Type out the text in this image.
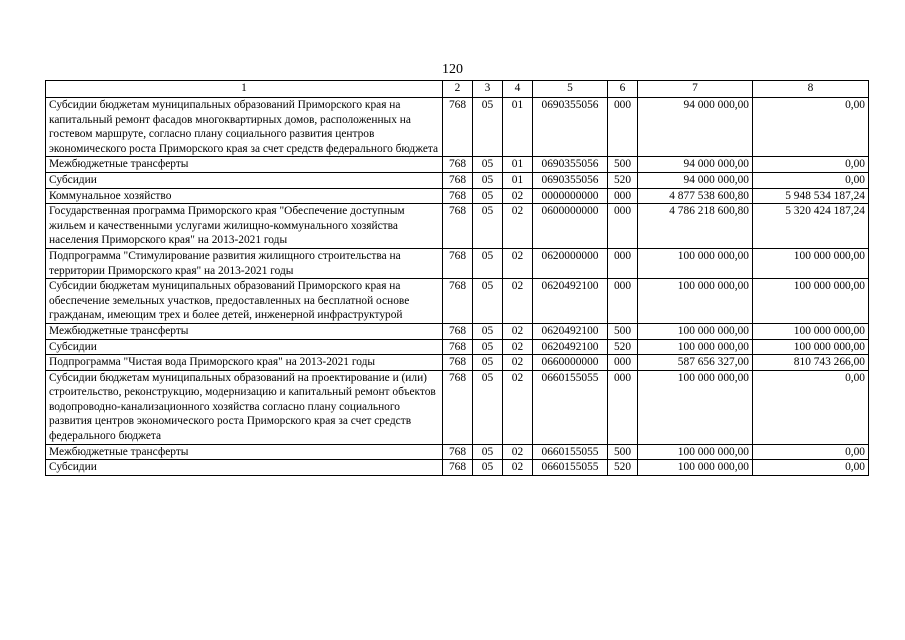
120
1	2	3	4	5	6	7	8
Субсидии бюджетам муниципальных образований Приморского края на капитальный ремонт фасадов многоквартирных домов, расположенных на гостевом маршруте, согласно плану социального развития центров экономического роста Приморского края за счет средств федерального бюджета	768	05	01	0690355056	000	94 000 000,00	0,00
Межбюджетные трансферты	768	05	01	0690355056	500	94 000 000,00	0,00
Субсидии	768	05	01	0690355056	520	94 000 000,00	0,00
Коммунальное хозяйство	768	05	02	0000000000	000	4 877 538 600,80	5 948 534 187,24
Государственная программа Приморского края "Обеспечение доступным жильем и качественными услугами жилищно-коммунального хозяйства населения Приморского края" на 2013-2021 годы	768	05	02	0600000000	000	4 786 218 600,80	5 320 424 187,24
Подпрограмма "Стимулирование развития жилищного строительства на территории Приморского края" на 2013-2021 годы	768	05	02	0620000000	000	100 000 000,00	100 000 000,00
Субсидии бюджетам муниципальных образований Приморского края на обеспечение земельных участков, предоставленных на бесплатной основе гражданам, имеющим трех и более детей, инженерной инфраструктурой	768	05	02	0620492100	000	100 000 000,00	100 000 000,00
Межбюджетные трансферты	768	05	02	0620492100	500	100 000 000,00	100 000 000,00
Субсидии	768	05	02	0620492100	520	100 000 000,00	100 000 000,00
Подпрограмма "Чистая вода Приморского края" на 2013-2021 годы	768	05	02	0660000000	000	587 656 327,00	810 743 266,00
Субсидии бюджетам муниципальных образований на проектирование и (или) строительство, реконструкцию, модернизацию и капитальный ремонт объектов водопроводно-канализационного хозяйства согласно плану социального развития центров экономического роста Приморского края за счет средств федерального бюджета	768	05	02	0660155055	000	100 000 000,00	0,00
Межбюджетные трансферты	768	05	02	0660155055	500	100 000 000,00	0,00
Субсидии	768	05	02	0660155055	520	100 000 000,00	0,00
